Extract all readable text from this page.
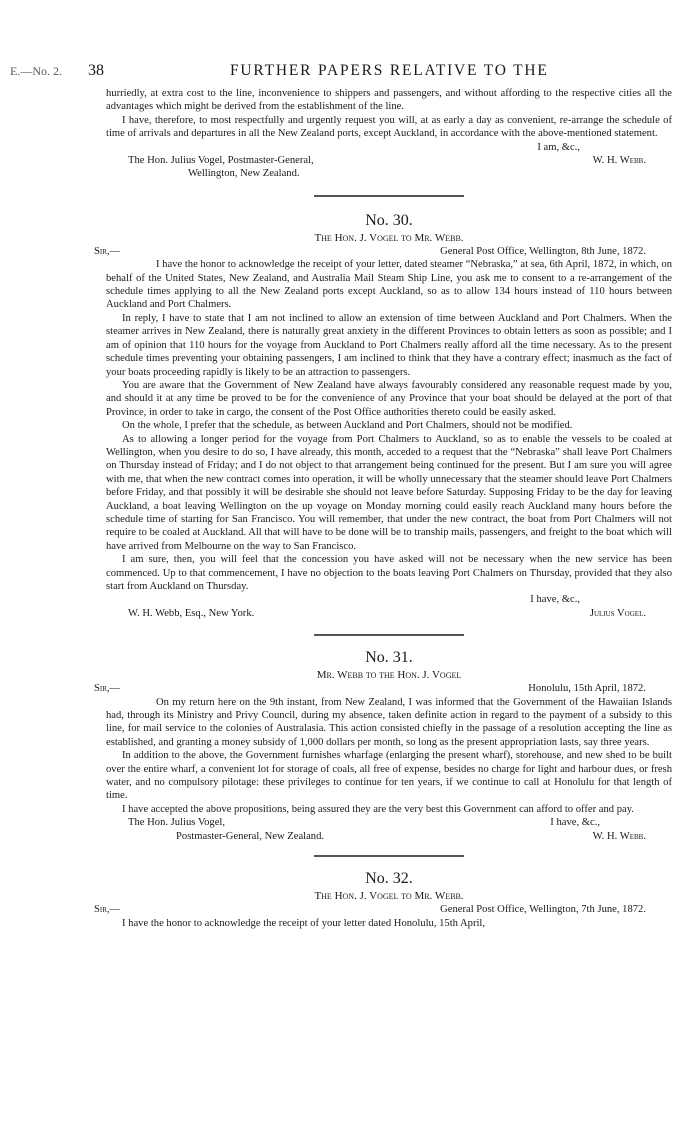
E.—No. 2. 38	FURTHER PAPERS RELATIVE TO THE

hurriedly, at extra cost to the line, inconvenience to shippers and passengers, and without affording to the respective cities all the advantages which might be derived from the establishment of the line.

I have, therefore, to most respectfully and urgently request you will, at as early a day as convenient, re-arrange the schedule of time of arrivals and departures in all the New Zealand ports, except Auckland, in accordance with the above-mentioned statement.

I am, &c.,

The Hon. Julius Vogel, Postmaster-General,	W. H. Webb.

Wellington, New Zealand.

No. 30.
The Hon. J. Vogel to Mr. Webb.
Sir,—	General Post Office, Wellington, 8th June, 1872.

I have the honor to acknowledge the receipt of your letter, dated steamer “Nebraska,” at sea, 6th April, 1872, in which, on behalf of the United States, New Zealand, and Australia Mail Steam Ship Line, you ask me to consent to a re-arrangement of the schedule times applying to all the New Zealand ports except Auckland, so as to allow 134 hours instead of 110 hours between Auckland and Port Chalmers.

In reply, I have to state that I am not inclined to allow an extension of time between Auckland and Port Chalmers. When the steamer arrives in New Zealand, there is naturally great anxiety in the different Provinces to obtain letters as soon as possible; and I am of opinion that 110 hours for the voyage from Auckland to Port Chalmers really afford all the time necessary. As to the present schedule times preventing your obtaining passengers, I am inclined to think that they have a contrary effect; inasmuch as the fact of your boats proceeding rapidly is likely to be an attraction to passengers.

You are aware that the Government of New Zealand have always favourably considered any reasonable request made by you, and should it at any time be proved to be for the convenience of any Province that your boat should be delayed at the port of that Province, in order to take in cargo, the consent of the Post Office authorities thereto could be easily asked.

On the whole, I prefer that the schedule, as between Auckland and Port Chalmers, should not be modified.

As to allowing a longer period for the voyage from Port Chalmers to Auckland, so as to enable the vessels to be coaled at Wellington, when you desire to do so, I have already, this month, acceded to a request that the “Nebraska” shall leave Port Chalmers on Thursday instead of Friday; and I do not object to that arrangement being continued for the present. But I am sure you will agree with me, that when the new contract comes into operation, it will be wholly unnecessary that the steamer should leave Port Chalmers before Friday, and that possibly it will be desirable she should not leave before Saturday. Supposing Friday to be the day for leaving Auckland, a boat leaving Wellington on the up voyage on Monday morning could easily reach Auckland many hours before the schedule time of starting for San Francisco. You will remember, that under the new contract, the boat from Port Chalmers will not require to be coaled at Auckland. All that will have to be done will be to tranship mails, passengers, and freight to the boat which will have arrived from Melbourne on the way to San Francisco.

I am sure, then, you will feel that the concession you have asked will not be necessary when the new service has been commenced. Up to that commencement, I have no objection to the boats leaving Port Chalmers on Thursday, provided that they also start from Auckland on Thursday.

I have, &c.,

W. H. Webb, Esq., New York.	Julius Vogel.
No. 31.
Mr. Webb to the Hon. J. Vogel
Sir,—	Honolulu, 15th April, 1872.

On my return here on the 9th instant, from New Zealand, I was informed that the Government of the Hawaiian Islands had, through its Ministry and Privy Council, during my absence, taken definite action in regard to the payment of a subsidy to this line, for mail service to the colonies of Australasia. This action consisted chiefly in the passage of a resolution accepting the line as established, and granting a money subsidy of 1,000 dollars per month, so long as the present appropriation lasts, say three years.

In addition to the above, the Government furnishes wharfage (enlarging the present wharf), storehouse, and new shed to be built over the entire wharf, a convenient lot for storage of coals, all free of expense, besides no charge for light and harbour dues, or fresh water, and no compulsory pilotage: these privileges to continue for ten years, if we continue to call at Honolulu for that length of time.

I have accepted the above propositions, being assured they are the very best this Government can afford to offer and pay.

The Hon. Julius Vogel,	I have, &c.,
Postmaster-General, New Zealand.	W. H. Webb.
No. 32.
The Hon. J. Vogel to Mr. Webb.
Sir,—	General Post Office, Wellington, 7th June, 1872.

I have the honor to acknowledge the receipt of your letter dated Honolulu, 15th April,
